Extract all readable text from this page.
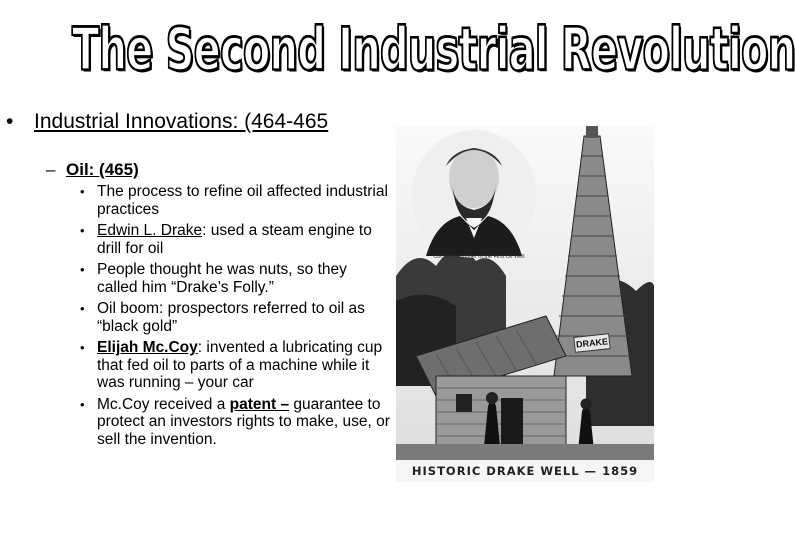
The Second Industrial Revolution
• Industrial Innovations: (464-465
– Oil: (465)
• The process to refine oil affected industrial practices
• Edwin L. Drake: used a steam engine to drill for oil
• People thought he was nuts, so they called him “Drake’s Folly.”
• Oil boom: prospectors referred to oil as “black gold”
• Elijah Mc.Coy: invented a lubricating cup that fed oil to parts of a machine while it was running – your car
• Mc.Coy received a patent – guarantee to protect an investors rights to make, use, or sell the invention.
Col. Drake, Driller of the First Oil Well
DRAKE
HISTORIC DRAKE WELL — 1859
